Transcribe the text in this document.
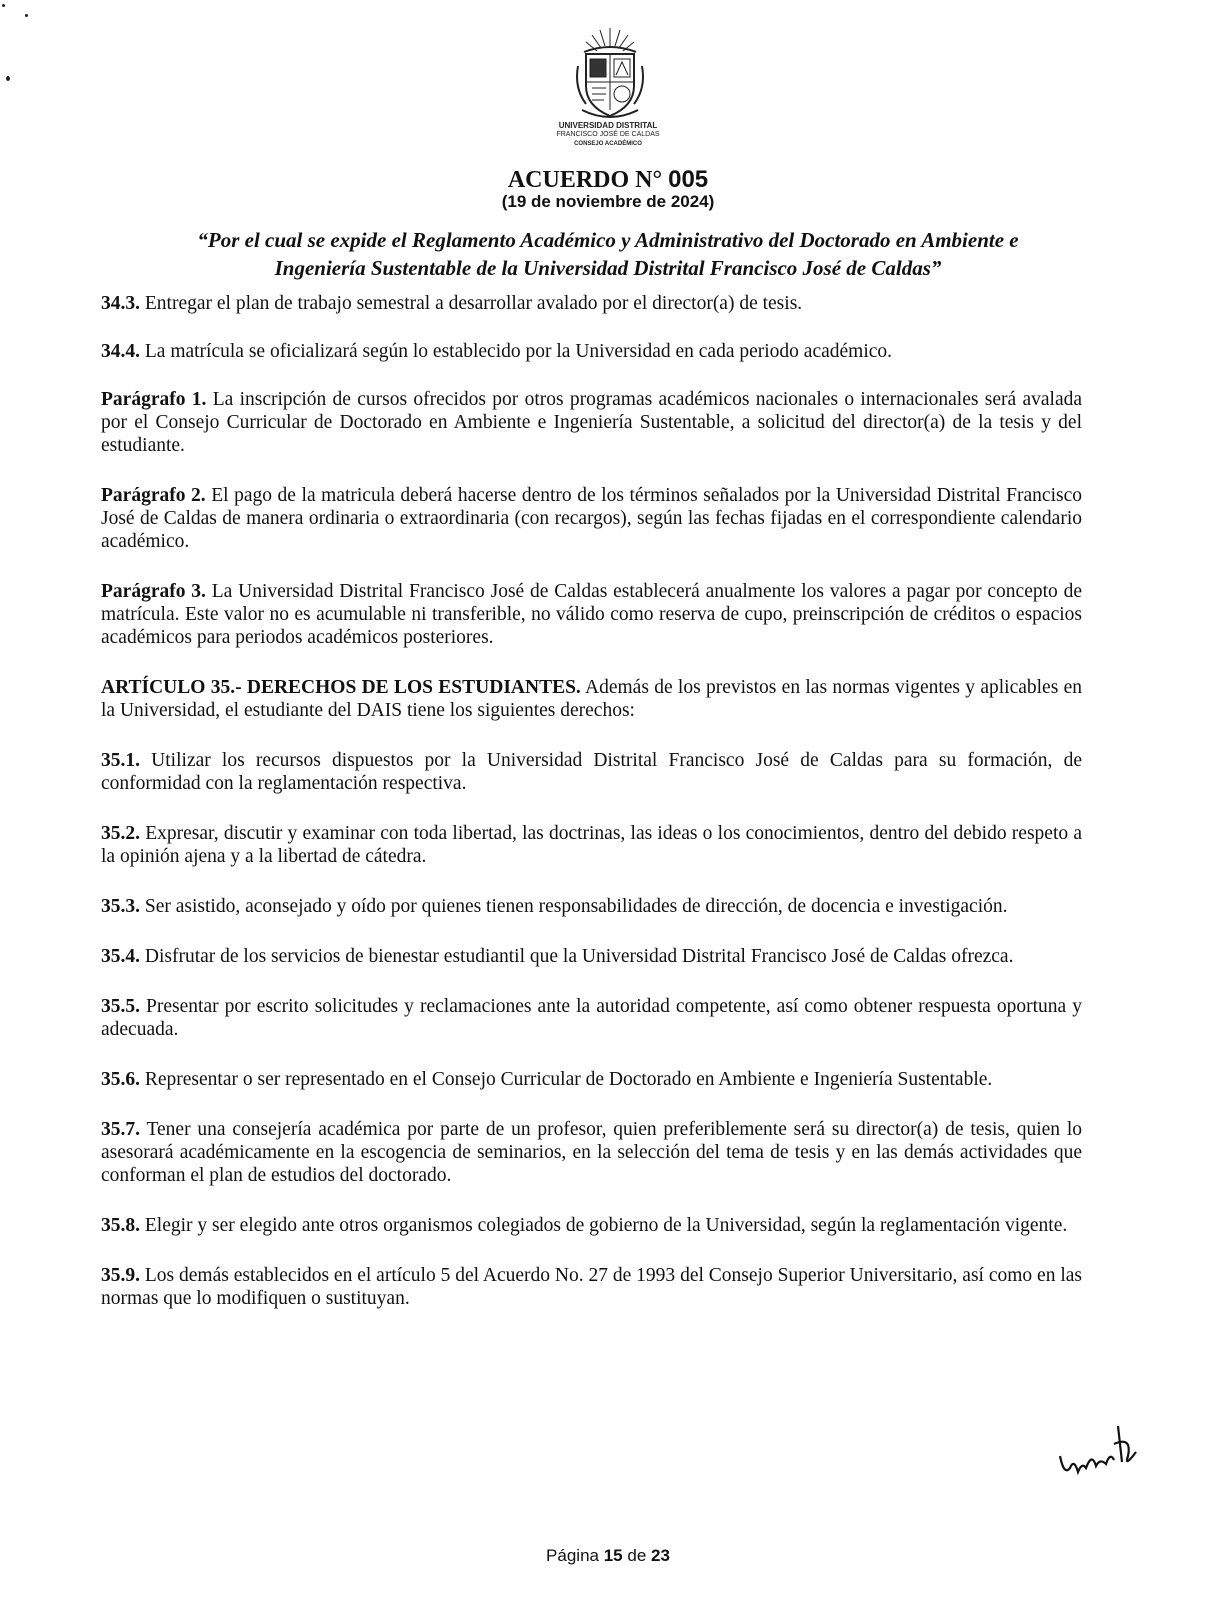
UNIVERSIDAD DISTRITAL
FRANCISCO JOSÉ DE CALDAS
CONSEJO ACADÉMICO
ACUERDO N° 005
(19 de noviembre de 2024)
“Por el cual se expide el Reglamento Académico y Administrativo del Doctorado en Ambiente e
Ingeniería Sustentable de la Universidad Distrital Francisco José de Caldas”

34.3. Entregar el plan de trabajo semestral a desarrollar avalado por el director(a) de tesis.

34.4. La matrícula se oficializará según lo establecido por la Universidad en cada periodo académico.

Parágrafo 1. La inscripción de cursos ofrecidos por otros programas académicos nacionales o internacionales será avalada por el Consejo Curricular de Doctorado en Ambiente e Ingeniería Sustentable, a solicitud del director(a) de la tesis y del estudiante.

Parágrafo 2. El pago de la matricula deberá hacerse dentro de los términos señalados por la Universidad Distrital Francisco José de Caldas de manera ordinaria o extraordinaria (con recargos), según las fechas fijadas en el correspondiente calendario académico.

Parágrafo 3. La Universidad Distrital Francisco José de Caldas establecerá anualmente los valores a pagar por concepto de matrícula. Este valor no es acumulable ni transferible, no válido como reserva de cupo, preinscripción de créditos o espacios académicos para periodos académicos posteriores.

ARTÍCULO 35.- DERECHOS DE LOS ESTUDIANTES. Además de los previstos en las normas vigentes y aplicables en la Universidad, el estudiante del DAIS tiene los siguientes derechos:

35.1. Utilizar los recursos dispuestos por la Universidad Distrital Francisco José de Caldas para su formación, de conformidad con la reglamentación respectiva.

35.2. Expresar, discutir y examinar con toda libertad, las doctrinas, las ideas o los conocimientos, dentro del debido respeto a la opinión ajena y a la libertad de cátedra.

35.3. Ser asistido, aconsejado y oído por quienes tienen responsabilidades de dirección, de docencia e investigación.

35.4. Disfrutar de los servicios de bienestar estudiantil que la Universidad Distrital Francisco José de Caldas ofrezca.

35.5. Presentar por escrito solicitudes y reclamaciones ante la autoridad competente, así como obtener respuesta oportuna y adecuada.

35.6. Representar o ser representado en el Consejo Curricular de Doctorado en Ambiente e Ingeniería Sustentable.

35.7. Tener una consejería académica por parte de un profesor, quien preferiblemente será su director(a) de tesis, quien lo asesorará académicamente en la escogencia de seminarios, en la selección del tema de tesis y en las demás actividades que conforman el plan de estudios del doctorado.

35.8. Elegir y ser elegido ante otros organismos colegiados de gobierno de la Universidad, según la reglamentación vigente.

35.9. Los demás establecidos en el artículo 5 del Acuerdo No. 27 de 1993 del Consejo Superior Universitario, así como en las normas que lo modifiquen o sustituyan.

Página 15 de 23
